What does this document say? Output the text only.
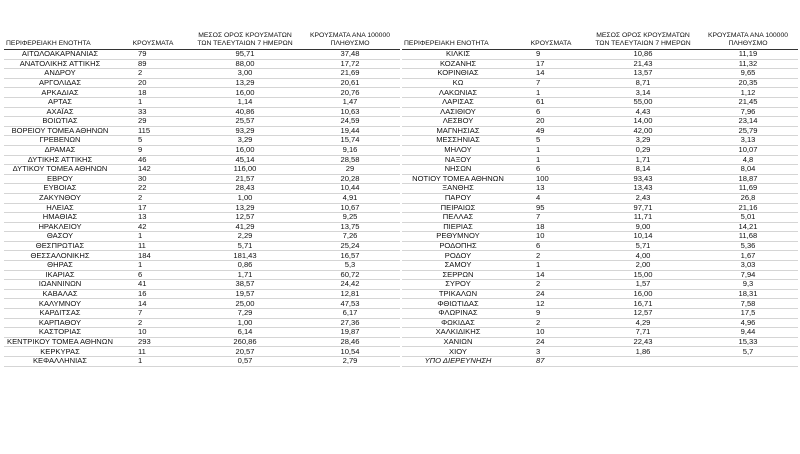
ΠΕΡΙΦΕΡΕΙΑΚΗ ΕΝΟΤΗΤΑ	ΚΡΟΥΣΜΑΤΑ	ΜΕΣΟΣ ΟΡΟΣ ΚΡΟΥΣΜΑΤΩΝ ΤΩΝ ΤΕΛΕΥΤΑΙΩΝ 7 ΗΜΕΡΩΝ	ΚΡΟΥΣΜΑΤΑ ΑΝΑ 100000 ΠΛΗΘΥΣΜΟ
ΑΙΤΩΛΟΑΚΑΡΝΑΝΙΑΣ	79	95,71	37,48
ΑΝΑΤΟΛΙΚΗΣ ΑΤΤΙΚΗΣ	89	88,00	17,72
ΑΝΔΡΟΥ	2	3,00	21,69
ΑΡΓΟΛΙΔΑΣ	20	13,29	20,61
ΑΡΚΑΔΙΑΣ	18	16,00	20,76
ΑΡΤΑΣ	1	1,14	1,47
ΑΧΑΪΑΣ	33	40,86	10,63
ΒΟΙΩΤΙΑΣ	29	25,57	24,59
ΒΟΡΕΙΟΥ ΤΟΜΕΑ ΑΘΗΝΩΝ	115	93,29	19,44
ΓΡΕΒΕΝΩΝ	5	3,29	15,74
ΔΡΑΜΑΣ	9	16,00	9,16
ΔΥΤΙΚΗΣ ΑΤΤΙΚΗΣ	46	45,14	28,58
ΔΥΤΙΚΟΥ ΤΟΜΕΑ ΑΘΗΝΩΝ	142	116,00	29
ΕΒΡΟΥ	30	21,57	20,28
ΕΥΒΟΙΑΣ	22	28,43	10,44
ΖΑΚΥΝΘΟΥ	2	1,00	4,91
ΗΛΕΙΑΣ	17	13,29	10,67
ΗΜΑΘΙΑΣ	13	12,57	9,25
ΗΡΑΚΛΕΙΟΥ	42	41,29	13,75
ΘΑΣΟΥ	1	2,29	7,26
ΘΕΣΠΡΩΤΙΑΣ	11	5,71	25,24
ΘΕΣΣΑΛΟΝΙΚΗΣ	184	181,43	16,57
ΘΗΡΑΣ	1	0,86	5,3
ΙΚΑΡΙΑΣ	6	1,71	60,72
ΙΩΑΝΝΙΝΩΝ	41	38,57	24,42
ΚΑΒΑΛΑΣ	16	19,57	12,81
ΚΑΛΥΜΝΟΥ	14	25,00	47,53
ΚΑΡΔΙΤΣΑΣ	7	7,29	6,17
ΚΑΡΠΑΘΟΥ	2	1,00	27,36
ΚΑΣΤΟΡΙΑΣ	10	6,14	19,87
ΚΕΝΤΡΙΚΟΥ ΤΟΜΕΑ ΑΘΗΝΩΝ	293	260,86	28,46
ΚΕΡΚΥΡΑΣ	11	20,57	10,54
ΚΕΦΑΛΛΗΝΙΑΣ	1	0,57	2,79
ΠΕΡΙΦΕΡΕΙΑΚΗ ΕΝΟΤΗΤΑ	ΚΡΟΥΣΜΑΤΑ	ΜΕΣΟΣ ΟΡΟΣ ΚΡΟΥΣΜΑΤΩΝ ΤΩΝ ΤΕΛΕΥΤΑΙΩΝ 7 ΗΜΕΡΩΝ	ΚΡΟΥΣΜΑΤΑ ΑΝΑ 100000 ΠΛΗΘΥΣΜΟ
ΚΙΛΚΙΣ	9	10,86	11,19
ΚΟΖΑΝΗΣ	17	21,43	11,32
ΚΟΡΙΝΘΙΑΣ	14	13,57	9,65
ΚΩ	7	8,71	20,35
ΛΑΚΩΝΙΑΣ	1	3,14	1,12
ΛΑΡΙΣΑΣ	61	55,00	21,45
ΛΑΣΙΘΙΟΥ	6	4,43	7,96
ΛΕΣΒΟΥ	20	14,00	23,14
ΜΑΓΝΗΣΙΑΣ	49	42,00	25,79
ΜΕΣΣΗΝΙΑΣ	5	3,29	3,13
ΜΗΛΟΥ	1	0,29	10,07
ΝΑΞΟΥ	1	1,71	4,8
ΝΗΣΩΝ	6	8,14	8,04
ΝΟΤΙΟΥ ΤΟΜΕΑ ΑΘΗΝΩΝ	100	93,43	18,87
ΞΑΝΘΗΣ	13	13,43	11,69
ΠΑΡΟΥ	4	2,43	26,8
ΠΕΙΡΑΙΩΣ	95	97,71	21,16
ΠΕΛΛΑΣ	7	11,71	5,01
ΠΙΕΡΙΑΣ	18	9,00	14,21
ΡΕΘΥΜΝΟΥ	10	10,14	11,68
ΡΟΔΟΠΗΣ	6	5,71	5,36
ΡΟΔΟΥ	2	4,00	1,67
ΣΑΜΟΥ	1	2,00	3,03
ΣΕΡΡΩΝ	14	15,00	7,94
ΣΥΡΟΥ	2	1,57	9,3
ΤΡΙΚΑΛΩΝ	24	16,00	18,31
ΦΘΙΩΤΙΔΑΣ	12	16,71	7,58
ΦΛΩΡΙΝΑΣ	9	12,57	17,5
ΦΩΚΙΔΑΣ	2	4,29	4,96
ΧΑΛΚΙΔΙΚΗΣ	10	7,71	9,44
ΧΑΝΙΩΝ	24	22,43	15,33
ΧΙΟΥ	3	1,86	5,7
ΥΠΟ ΔΙΕΡΕΥΝΗΣΗ	87		
